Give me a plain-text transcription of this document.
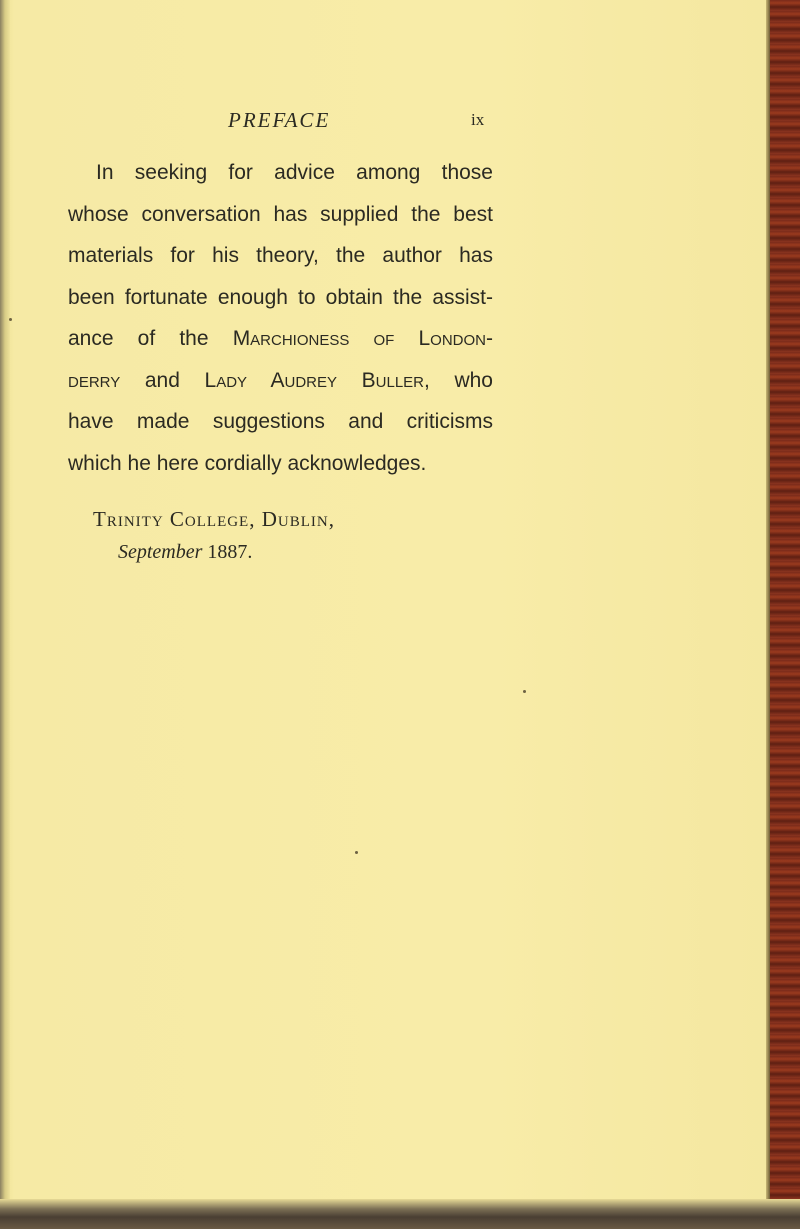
PREFACE	ix
In seeking for advice among those
whose conversation has supplied the best
materials for his theory, the author has
been fortunate enough to obtain the assist-
ance of the Marchioness of London-
derry and Lady Audrey Buller, who
have made suggestions and criticisms
which he here cordially acknowledges.
Trinity College, Dublin,
September 1887.
